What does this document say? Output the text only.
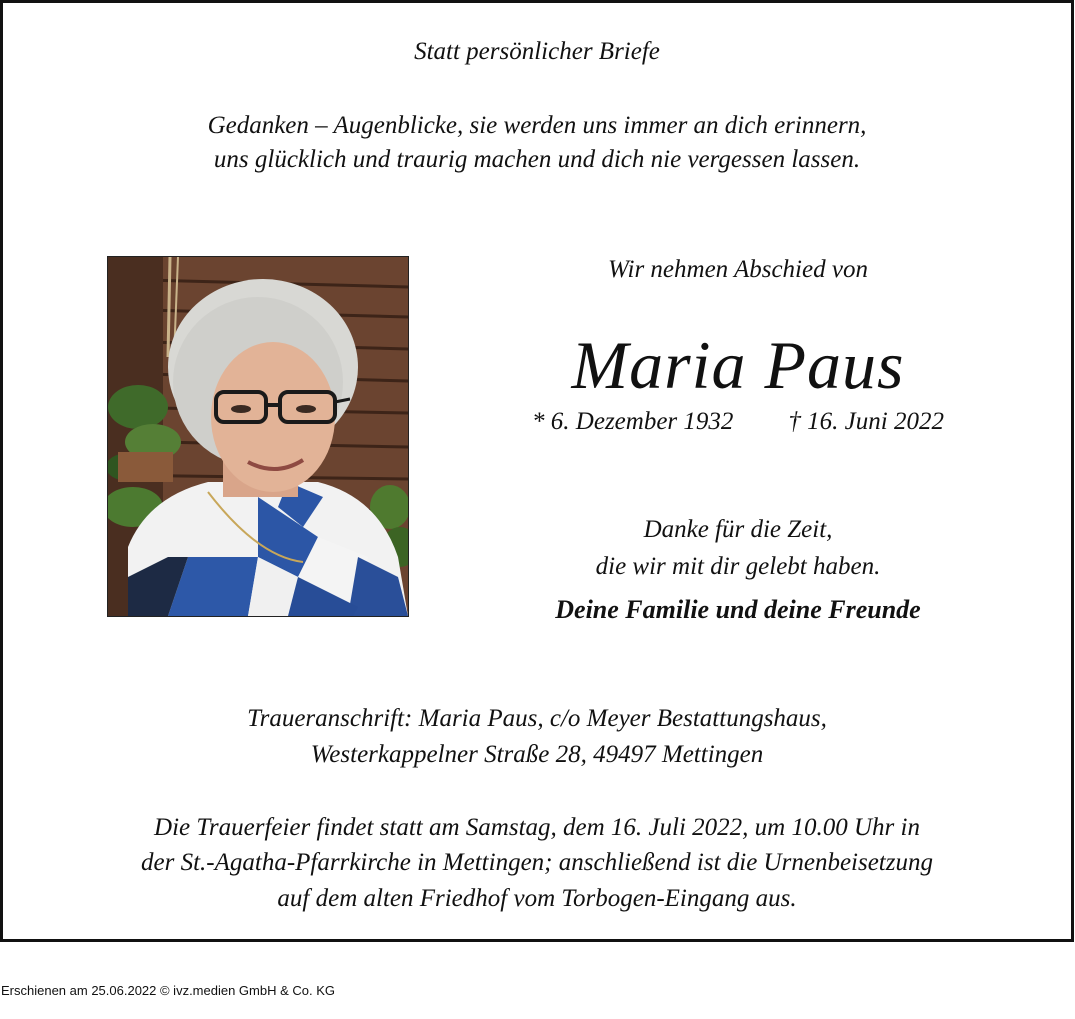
Statt persönlicher Briefe
Gedanken – Augenblicke, sie werden uns immer an dich erinnern,
uns glücklich und traurig machen und dich nie vergessen lassen.
Wir nehmen Abschied von
Maria Paus
* 6. Dezember 1932 † 16. Juni 2022
Danke für die Zeit,
die wir mit dir gelebt haben.
Deine Familie und deine Freunde
Traueranschrift: Maria Paus, c/o Meyer Bestattungshaus,
Westerkappelner Straße 28, 49497 Mettingen
Die Trauerfeier findet statt am Samstag, dem 16. Juli 2022, um 10.00 Uhr in
der St.-Agatha-Pfarrkirche in Mettingen; anschließend ist die Urnenbeisetzung
auf dem alten Friedhof vom Torbogen-Eingang aus.
Erschienen am 25.06.2022 © ivz.medien GmbH & Co. KG
